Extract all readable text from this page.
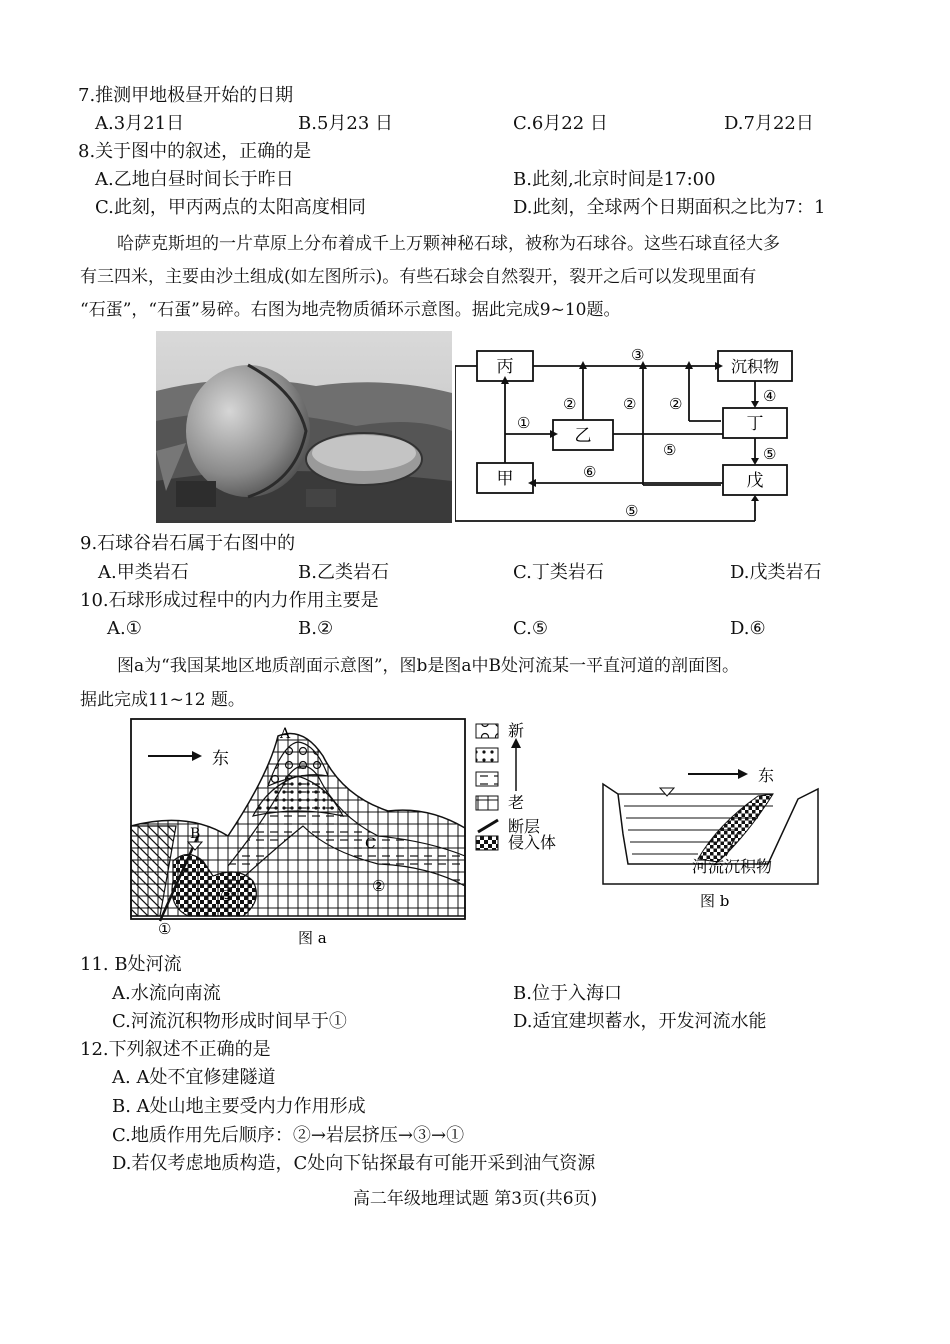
7.推测甲地极昼开始的日期
A.3月21日	B.5月23 日	C.6月22 日	D.7月22日
8.关于图中的叙述，正确的是
A.乙地白昼时间长于昨日	B.此刻,北京时间是17:00
C.此刻，甲丙两点的太阳高度相同	D.此刻，全球两个日期面积之比为7：1
哈萨克斯坦的一片草原上分布着成千上万颗神秘石球，被称为石球谷。这些石球直径大多
有三四米，主要由沙土组成(如左图所示)。有些石球会自然裂开，裂开之后可以发现里面有
“石蛋”，“石蛋”易碎。右图为地壳物质循环示意图。据此完成9~10题。
丙
乙
甲
沉积物
丁
戊
①
②	② ②
③
④
⑤
⑤
⑤
⑥
9.石球谷岩石属于右图中的
A.甲类岩石	B.乙类岩石	C.丁类岩石	D.戊类岩石
10.石球形成过程中的内力作用主要是
A.①	B.②	C.⑤	D.⑥
图a为“我国某地区地质剖面示意图”，图b是图a中B处河流某一平直河道的剖面图。
据此完成11~12 题。
东
A
B
C
①
②
③
图 a
新
老
断层
侵入体
东
河流沉积物
图 b
11. B处河流
A.水流向南流	B.位于入海口
C.河流沉积物形成时间早于①	D.适宜建坝蓄水，开发河流水能
12.下列叙述不正确的是
A. A处不宜修建隧道
B. A处山地主要受内力作用形成
C.地质作用先后顺序：②→岩层挤压→③→①
D.若仅考虑地质构造，C处向下钻探最有可能开采到油气资源
高二年级地理试题 第3页(共6页)
